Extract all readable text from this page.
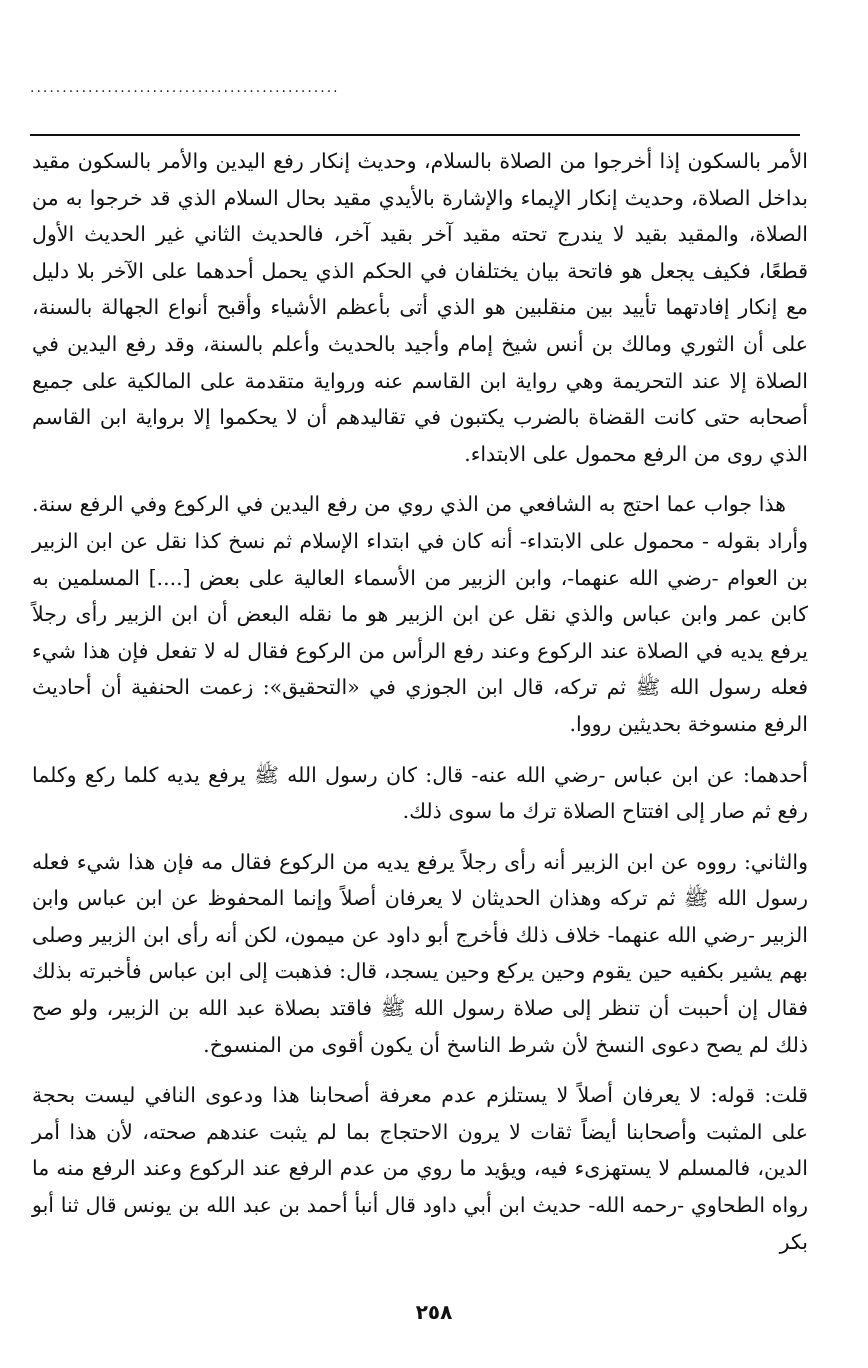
................................................

الأمر بالسكون إذا أخرجوا من الصلاة بالسلام، وحديث إنكار رفع اليدين والأمر بالسكون مقيد بداخل الصلاة، وحديث إنكار الإيماء والإشارة بالأيدي مقيد بحال السلام الذي قد خرجوا به من الصلاة، والمقيد بقيد لا يندرج تحته مقيد آخر بقيد آخر، فالحديث الثاني غير الحديث الأول قطعًا، فكيف يجعل هو فاتحة بيان يختلفان في الحكم الذي يحمل أحدهما على الآخر بلا دليل مع إنكار إفادتهما تأييد بين منقلبين هو الذي أتى بأعظم الأشياء وأقبح أنواع الجهالة بالسنة، على أن الثوري ومالك بن أنس شيخ إمام وأجيد بالحديث وأعلم بالسنة، وقد رفع اليدين في الصلاة إلا عند التحريمة وهي رواية ابن القاسم عنه ورواية متقدمة على المالكية على جميع أصحابه حتى كانت القضاة بالضرب يكتبون في تقاليدهم أن لا يحكموا إلا برواية ابن القاسم الذي روى من الرفع محمول على الابتداء.

هذا جواب عما احتج به الشافعي من الذي روي من رفع اليدين في الركوع وفي الرفع سنة. وأراد بقوله - محمول على الابتداء- أنه كان في ابتداء الإسلام ثم نسخ كذا نقل عن ابن الزبير بن العوام -رضي الله عنهما-، وابن الزبير من الأسماء العالية على بعض [....] المسلمين به كابن عمر وابن عباس والذي نقل عن ابن الزبير هو ما نقله البعض أن ابن الزبير رأى رجلاً يرفع يديه في الصلاة عند الركوع وعند رفع الرأس من الركوع فقال له لا تفعل فإن هذا شيء فعله رسول الله ﷺ ثم تركه، قال ابن الجوزي في «التحقيق»: زعمت الحنفية أن أحاديث الرفع منسوخة بحديثين رووا.

أحدهما: عن ابن عباس -رضي الله عنه- قال: كان رسول الله ﷺ يرفع يديه كلما ركع وكلما رفع ثم صار إلى افتتاح الصلاة ترك ما سوى ذلك.

والثاني: رووه عن ابن الزبير أنه رأى رجلاً يرفع يديه من الركوع فقال مه فإن هذا شيء فعله رسول الله ﷺ ثم تركه وهذان الحديثان لا يعرفان أصلاً وإنما المحفوظ عن ابن عباس وابن الزبير -رضي الله عنهما- خلاف ذلك فأخرج أبو داود عن ميمون، لكن أنه رأى ابن الزبير وصلى بهم يشير بكفيه حين يقوم وحين يركع وحين يسجد، قال: فذهبت إلى ابن عباس فأخبرته بذلك فقال إن أحببت أن تنظر إلى صلاة رسول الله ﷺ فاقتد بصلاة عبد الله بن الزبير، ولو صح ذلك لم يصح دعوى النسخ لأن شرط الناسخ أن يكون أقوى من المنسوخ.

قلت: قوله: لا يعرفان أصلاً لا يستلزم عدم معرفة أصحابنا هذا ودعوى النافي ليست بحجة على المثبت وأصحابنا أيضاً ثقات لا يرون الاحتجاج بما لم يثبت عندهم صحته، لأن هذا أمر الدين، فالمسلم لا يستهزىء فيه، ويؤيد ما روي من عدم الرفع عند الركوع وعند الرفع منه ما رواه الطحاوي -رحمه الله- حديث ابن أبي داود قال أنبأ أحمد بن عبد الله بن يونس قال ثنا أبو بكر

٢٥٨
